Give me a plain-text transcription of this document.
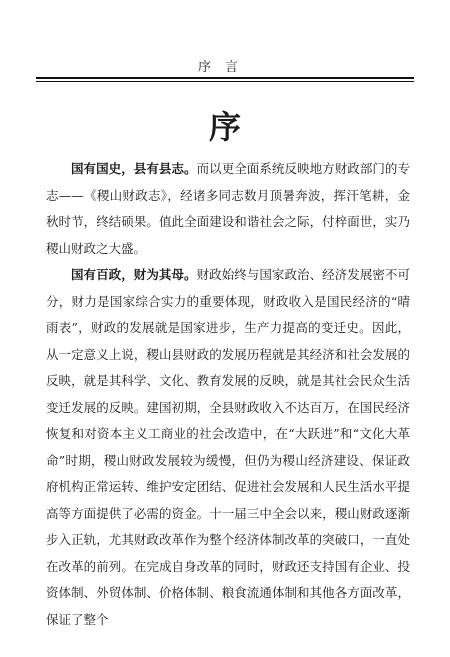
序言
序

国有国史，县有县志。而以更全面系统反映地方财政部门的专志——《稷山财政志》，经诸多同志数月顶暑奔波，挥汗笔耕，金秋时节，终结硕果。值此全面建设和谐社会之际，付梓面世，实乃稷山财政之大盛。

国有百政，财为其母。财政始终与国家政治、经济发展密不可分，财力是国家综合实力的重要体现，财政收入是国民经济的“晴雨表”，财政的发展就是国家进步，生产力提高的变迁史。因此，从一定意义上说，稷山县财政的发展历程就是其经济和社会发展的反映，就是其科学、文化、教育发展的反映，就是其社会民众生活变迁发展的反映。建国初期，全县财政收入不达百万，在国民经济恢复和对资本主义工商业的社会改造中，在“大跃进”和“文化大革命”时期，稷山财政发展较为缓慢，但仍为稷山经济建设、保证政府机构正常运转、维护安定团结、促进社会发展和人民生活水平提高等方面提供了必需的资金。十一届三中全会以来，稷山财政逐渐步入正轨，尤其财政改革作为整个经济体制改革的突破口，一直处在改革的前列。在完成自身改革的同时，财政还支持国有企业、投资体制、外贸体制、价格体制、粮食流通体制和其他各方面改革，保证了整个
